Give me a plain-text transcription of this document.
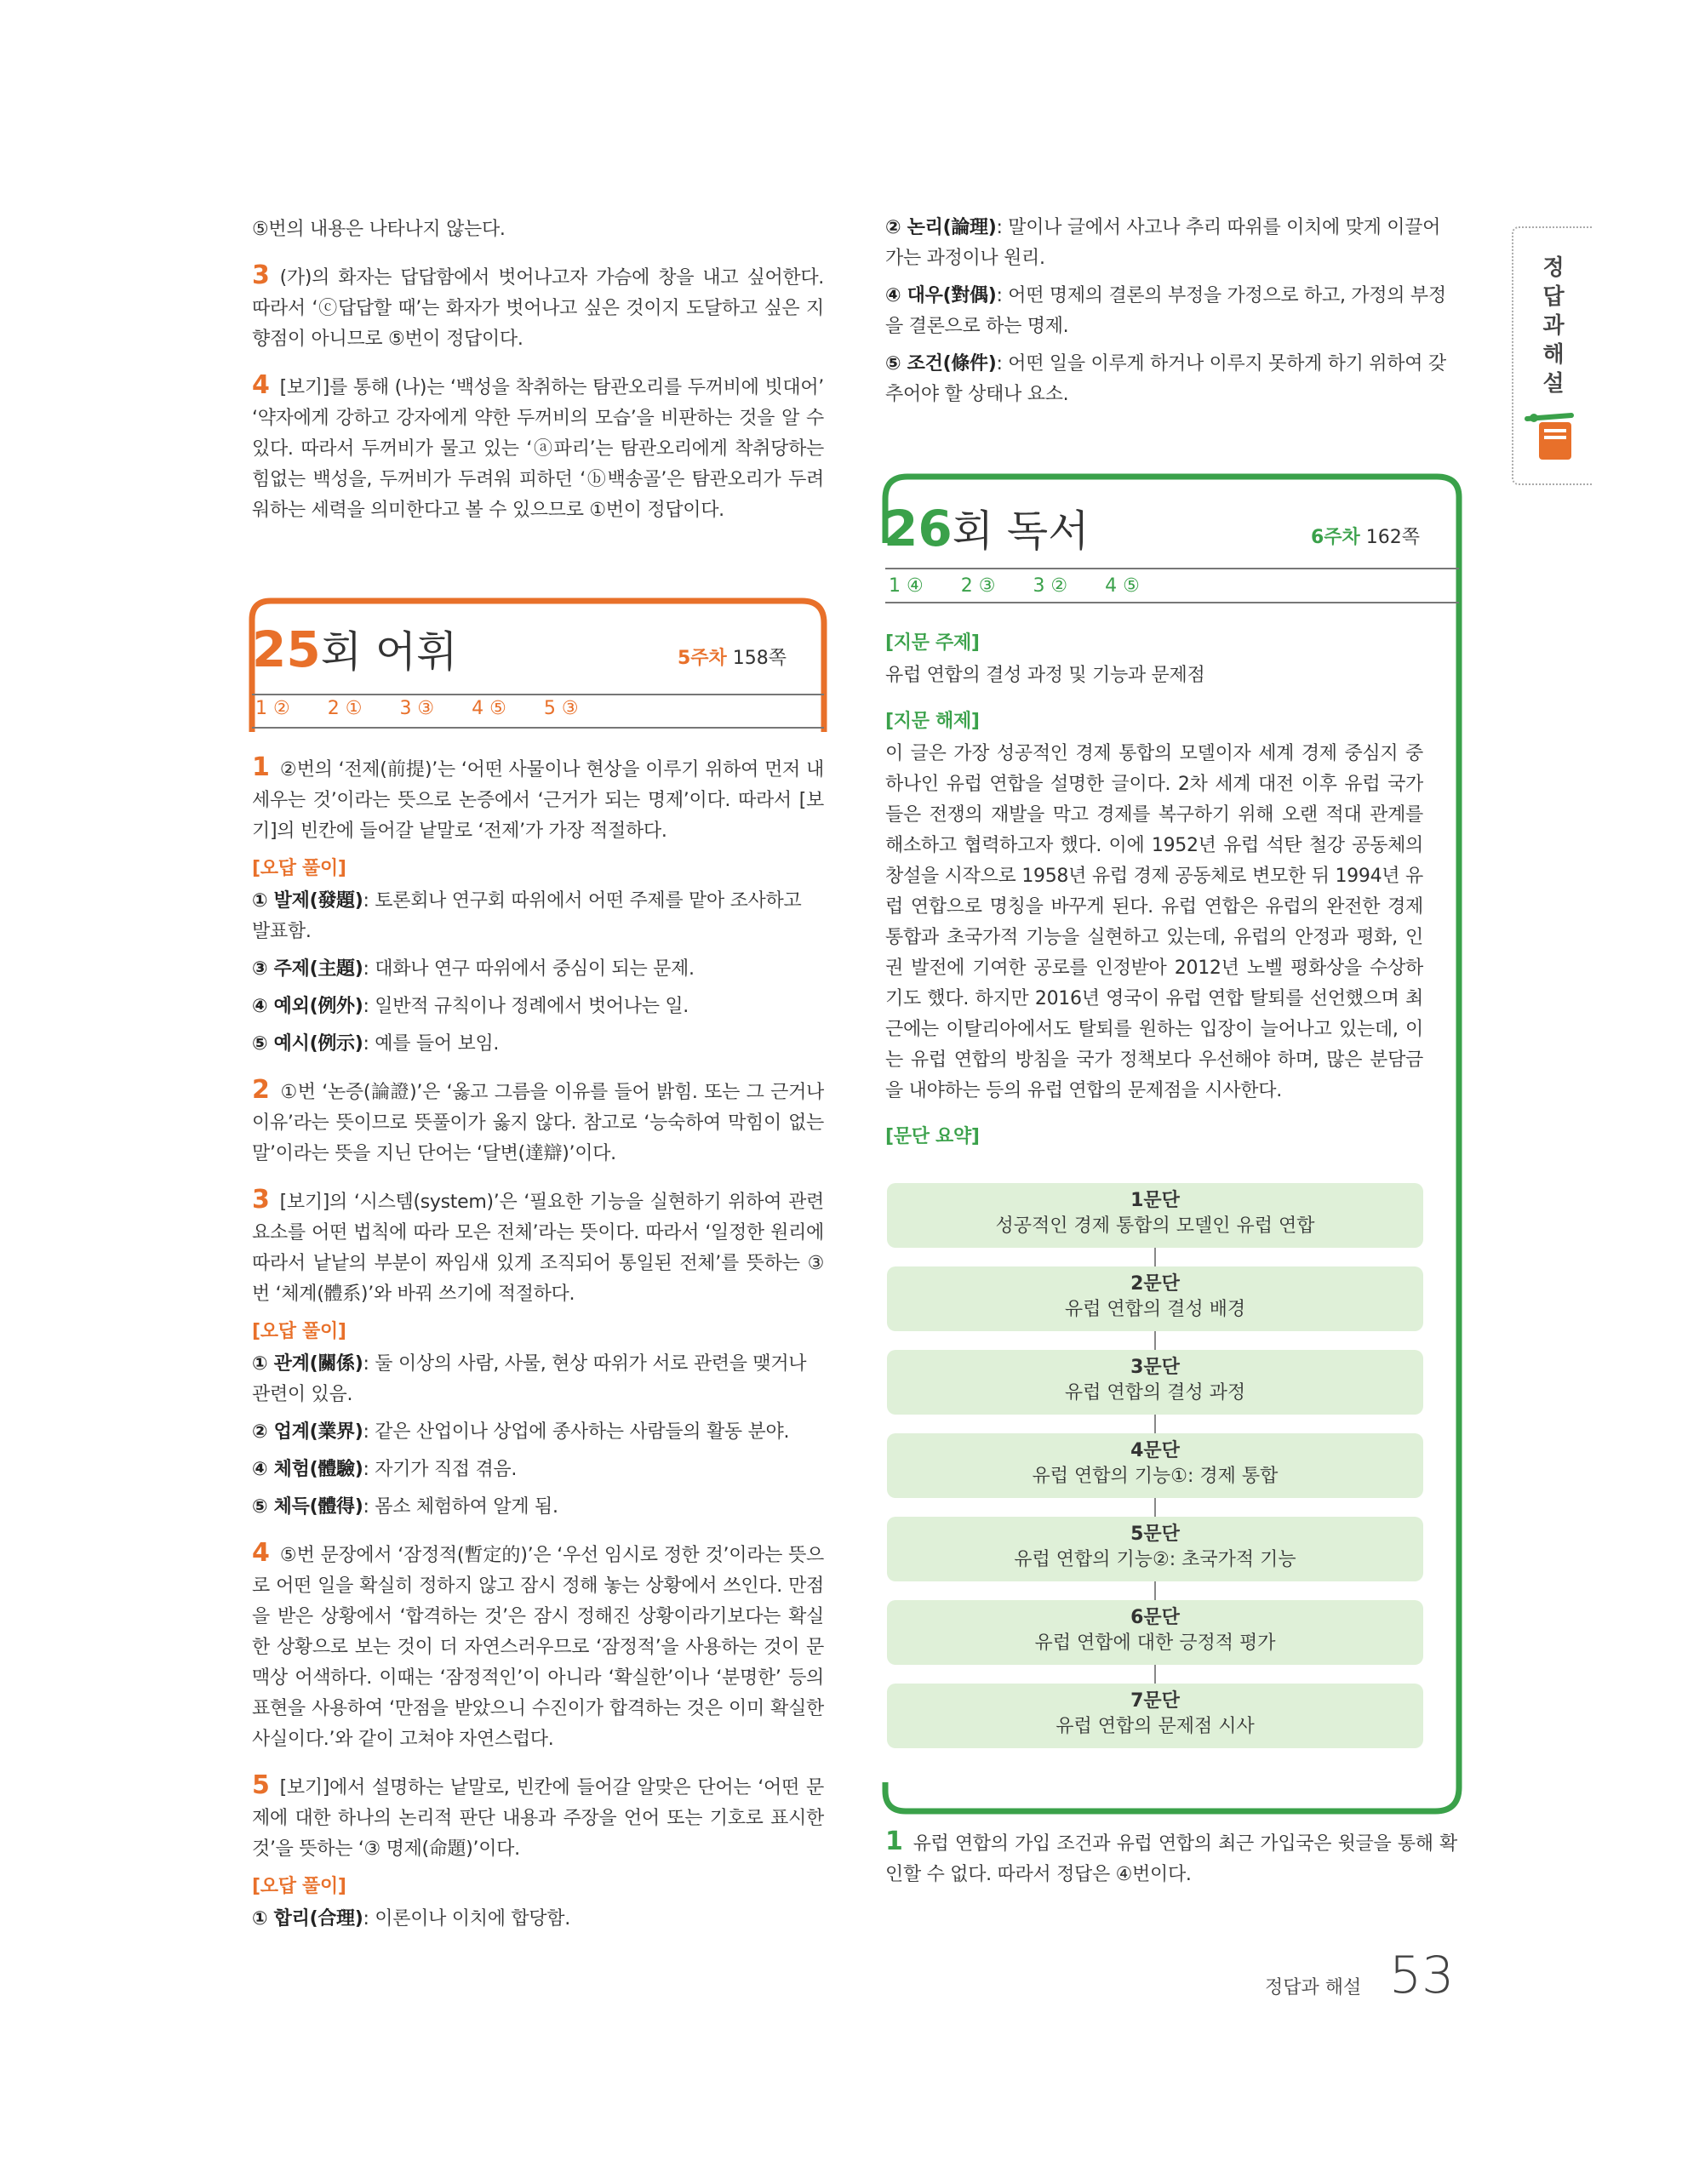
⑤번의 내용은 나타나지 않는다.

3 (가)의 화자는 답답함에서 벗어나고자 가슴에 창을 내고 싶어한다. 따라서 ‘ⓒ답답할 때’는 화자가 벗어나고 싶은 것이지 도달하고 싶은 지향점이 아니므로 ⑤번이 정답이다.

4 [보기]를 통해 (나)는 ‘백성을 착취하는 탐관오리를 두꺼비에 빗대어’ ‘약자에게 강하고 강자에게 약한 두꺼비의 모습’을 비판하는 것을 알 수 있다. 따라서 두꺼비가 물고 있는 ‘ⓐ파리’는 탐관오리에게 착취당하는 힘없는 백성을, 두꺼비가 두려워 피하던 ‘ⓑ백송골’은 탐관오리가 두려워하는 세력을 의미한다고 볼 수 있으므로 ①번이 정답이다.

25회 어휘	5주차 158쪽
1 ② 2 ① 3 ③ 4 ⑤ 5 ③

1 ②번의 ‘전제(前提)’는 ‘어떤 사물이나 현상을 이루기 위하여 먼저 내세우는 것’이라는 뜻으로 논증에서 ‘근거가 되는 명제’이다. 따라서 [보기]의 빈칸에 들어갈 낱말로 ‘전제’가 가장 적절하다.

[오답 풀이]
① 발제(發題): 토론회나 연구회 따위에서 어떤 주제를 맡아 조사하고 발표함.
③ 주제(主題): 대화나 연구 따위에서 중심이 되는 문제.
④ 예외(例外): 일반적 규칙이나 정례에서 벗어나는 일.
⑤ 예시(例示): 예를 들어 보임.

2 ①번 ‘논증(論證)’은 ‘옳고 그름을 이유를 들어 밝힘. 또는 그 근거나 이유’라는 뜻이므로 뜻풀이가 옳지 않다. 참고로 ‘능숙하여 막힘이 없는 말’이라는 뜻을 지닌 단어는 ‘달변(達辯)’이다.

3 [보기]의 ‘시스템(system)’은 ‘필요한 기능을 실현하기 위하여 관련 요소를 어떤 법칙에 따라 모은 전체’라는 뜻이다. 따라서 ‘일정한 원리에 따라서 낱낱의 부분이 짜임새 있게 조직되어 통일된 전체’를 뜻하는 ③번 ‘체계(體系)’와 바꿔 쓰기에 적절하다.

[오답 풀이]
① 관계(關係): 둘 이상의 사람, 사물, 현상 따위가 서로 관련을 맺거나 관련이 있음.
② 업계(業界): 같은 산업이나 상업에 종사하는 사람들의 활동 분야.
④ 체험(體驗): 자기가 직접 겪음.
⑤ 체득(體得): 몸소 체험하여 알게 됨.

4 ⑤번 문장에서 ‘잠정적(暫定的)’은 ‘우선 임시로 정한 것’이라는 뜻으로 어떤 일을 확실히 정하지 않고 잠시 정해 놓는 상황에서 쓰인다. 만점을 받은 상황에서 ‘합격하는 것’은 잠시 정해진 상황이라기보다는 확실한 상황으로 보는 것이 더 자연스러우므로 ‘잠정적’을 사용하는 것이 문맥상 어색하다. 이때는 ‘잠정적인’이 아니라 ‘확실한’이나 ‘분명한’ 등의 표현을 사용하여 ‘만점을 받았으니 수진이가 합격하는 것은 이미 확실한 사실이다.’와 같이 고쳐야 자연스럽다.

5 [보기]에서 설명하는 낱말로, 빈칸에 들어갈 알맞은 단어는 ‘어떤 문제에 대한 하나의 논리적 판단 내용과 주장을 언어 또는 기호로 표시한 것’을 뜻하는 ‘③ 명제(命題)’이다.

[오답 풀이]
① 합리(合理): 이론이나 이치에 합당함.
② 논리(論理): 말이나 글에서 사고나 추리 따위를 이치에 맞게 이끌어 가는 과정이나 원리.
④ 대우(對偶): 어떤 명제의 결론의 부정을 가정으로 하고, 가정의 부정을 결론으로 하는 명제.
⑤ 조건(條件): 어떤 일을 이루게 하거나 이루지 못하게 하기 위하여 갖추어야 할 상태나 요소.
26회 독서	6주차 162쪽
1 ④ 2 ③ 3 ② 4 ⑤
[지문 주제]

유럽 연합의 결성 과정 및 기능과 문제점

[지문 해제]

이 글은 가장 성공적인 경제 통합의 모델이자 세계 경제 중심지 중 하나인 유럽 연합을 설명한 글이다. 2차 세계 대전 이후 유럽 국가들은 전쟁의 재발을 막고 경제를 복구하기 위해 오랜 적대 관계를 해소하고 협력하고자 했다. 이에 1952년 유럽 석탄 철강 공동체의 창설을 시작으로 1958년 유럽 경제 공동체로 변모한 뒤 1994년 유럽 연합으로 명칭을 바꾸게 된다. 유럽 연합은 유럽의 완전한 경제 통합과 초국가적 기능을 실현하고 있는데, 유럽의 안정과 평화, 인권 발전에 기여한 공로를 인정받아 2012년 노벨 평화상을 수상하기도 했다. 하지만 2016년 영국이 유럽 연합 탈퇴를 선언했으며 최근에는 이탈리아에서도 탈퇴를 원하는 입장이 늘어나고 있는데, 이는 유럽 연합의 방침을 국가 정책보다 우선해야 하며, 많은 분담금을 내야하는 등의 유럽 연합의 문제점을 시사한다.

[문단 요약]
1문단
성공적인 경제 통합의 모델인 유럽 연합
2문단
유럽 연합의 결성 배경
3문단
유럽 연합의 결성 과정
4문단
유럽 연합의 기능①: 경제 통합
5문단
유럽 연합의 기능②: 초국가적 기능
6문단
유럽 연합에 대한 긍정적 평가
7문단
유럽 연합의 문제점 시사

1 유럽 연합의 가입 조건과 유럽 연합의 최근 가입국은 윗글을 통해 확인할 수 없다. 따라서 정답은 ④번이다.

정
답
과
해
설
정답과 해설 53
